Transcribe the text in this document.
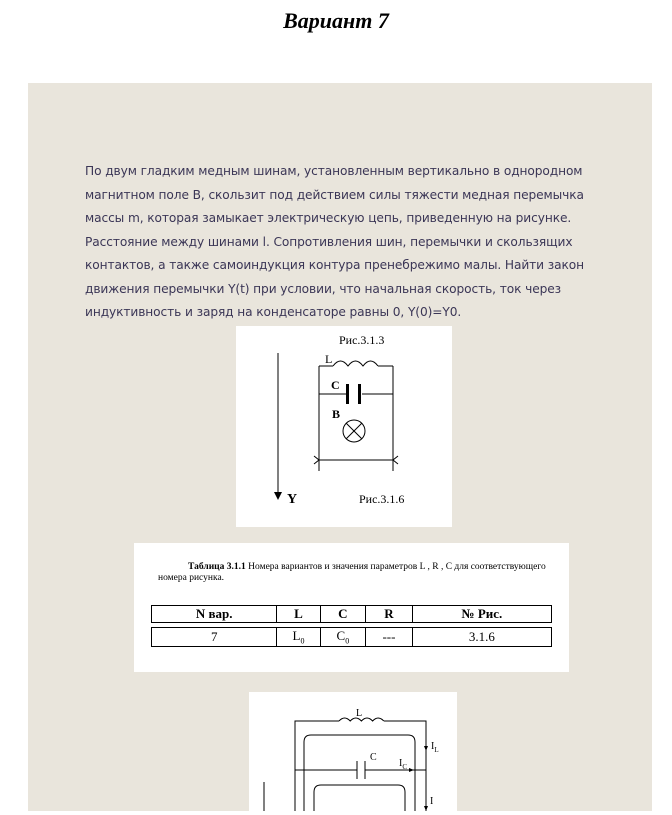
Вариант 7

По двум гладким медным шинам, установленным вертикально в однородном магнитном поле B, скользит под действием силы тяжести медная перемычка массы m, которая замыкает электрическую цепь, приведенную на рисунке. Расстояние между шинами l. Сопротивления шин, перемычки и скользящих контактов, а также самоиндукция контура пренебрежимо малы. Найти закон движения перемычки Y(t) при условии, что начальная скорость, ток через индуктивность и заряд на конденсаторе равны 0, Y(0)=Y0.

Рис.3.1.3
L
C
B
Y	Рис.3.1.6
Таблица 3.1.1 Номера вариантов и значения параметров L , R , C для соответствующего номера рисунка.
N вар.	L	C	R	№ Рис.

7	$L_0$	$C_0$	---	3.1.6
L
C
$I_L$
$I_C$
I
